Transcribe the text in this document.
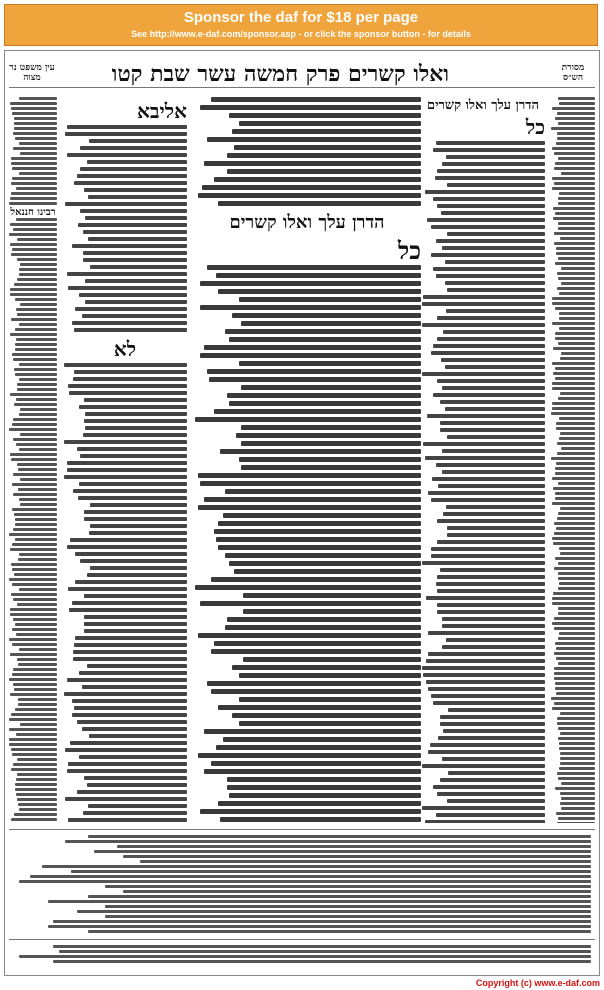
Sponsor the daf for $18 per page
See http://www.e-daf.com/sponsor.asp - or click the sponsor button - for details
מסורת הש״ס
ואלו קשרים פרק חמשה עשר שבת קטו
עין משפט נר מצוה
הדרן עלך ואלו קשרים
כל
הדרן עלך ואלו קשרים
כל
אליבא
לא
רבינו חננאל
Copyright (c) www.e-daf.com
